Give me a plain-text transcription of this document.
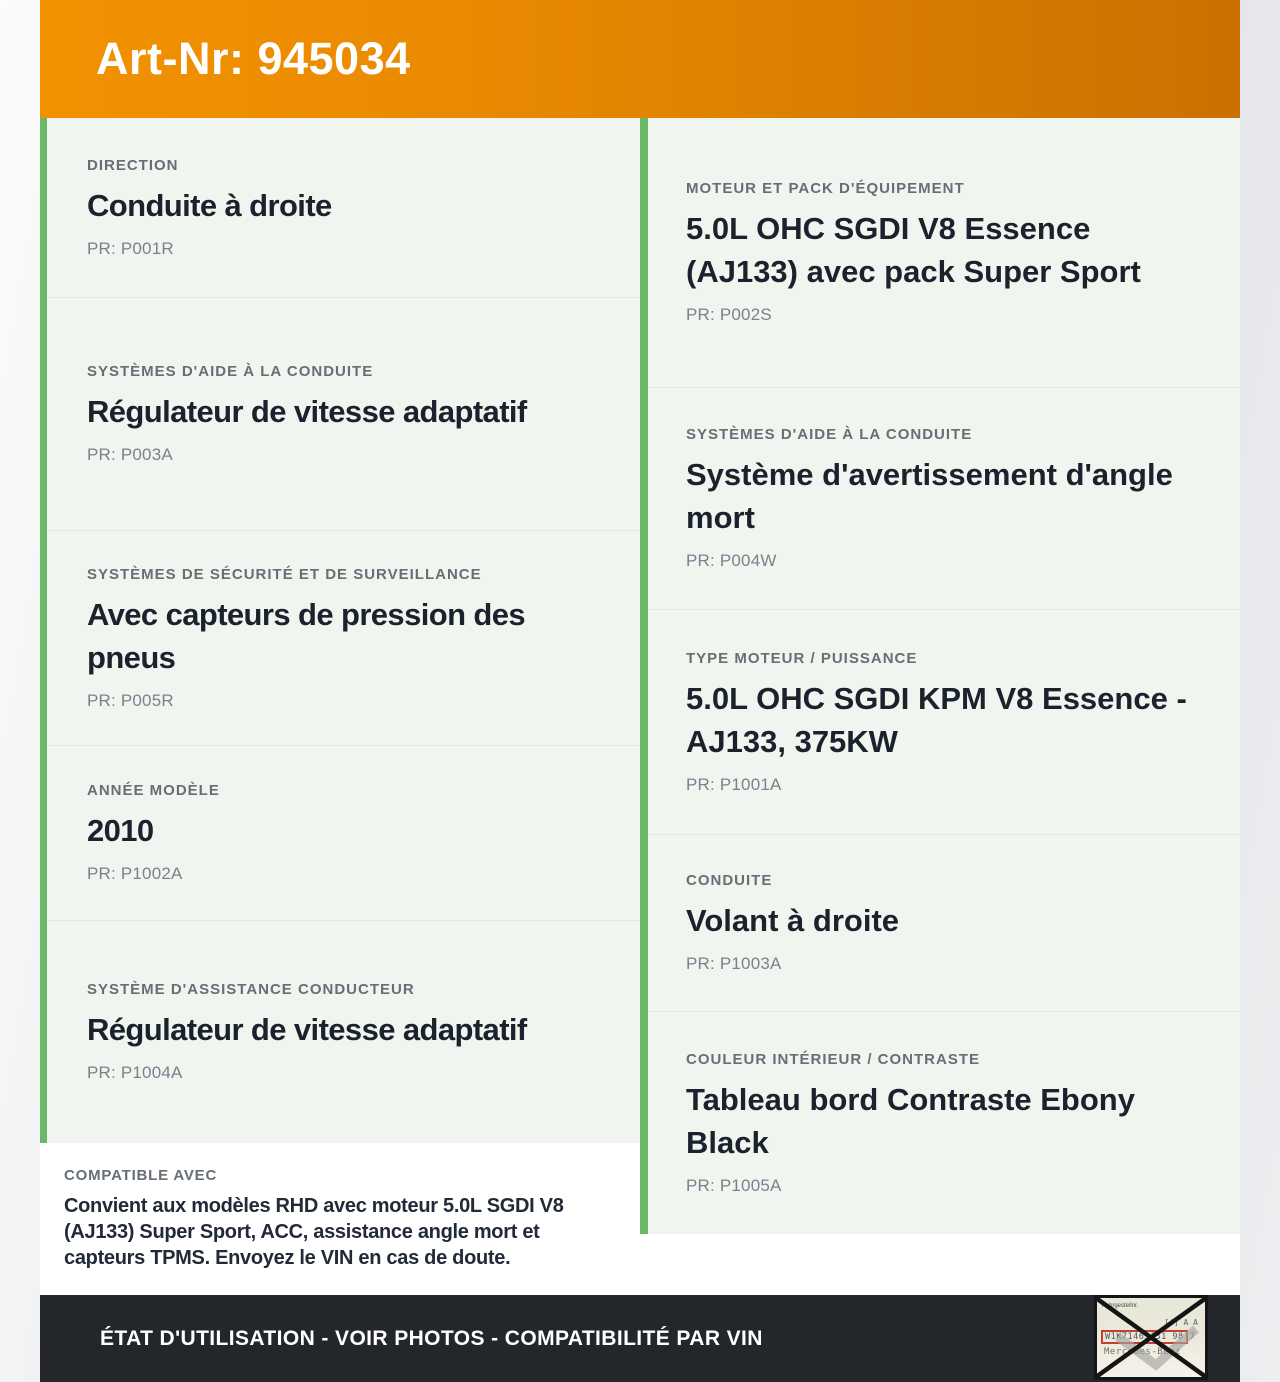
Art-Nr: 945034
DIRECTION
Conduite à droite
PR: P001R
SYSTÈMES D'AIDE À LA CONDUITE
Régulateur de vitesse adaptatif
PR: P003A
SYSTÈMES DE SÉCURITÉ ET DE SURVEILLANCE
Avec capteurs de pression des pneus
PR: P005R
ANNÉE MODÈLE
2010
PR: P1002A
SYSTÈME D'ASSISTANCE CONDUCTEUR
Régulateur de vitesse adaptatif
PR: P1004A
COMPATIBLE AVEC
Convient aux modèles RHD avec moteur 5.0L SGDI V8 (AJ133) Super Sport, ACC, assistance angle mort et capteurs TPMS. Envoyez le VIN en cas de doute.
MOTEUR ET PACK D'ÉQUIPEMENT
5.0L OHC SGDI V8 Essence (AJ133) avec pack Super Sport
PR: P002S
SYSTÈMES D'AIDE À LA CONDUITE
Système d'avertissement d'angle mort
PR: P004W
TYPE MOTEUR / PUISSANCE
5.0L OHC SGDI KPM V8 Essence - AJ133, 375KW
PR: P1001A
CONDUITE
Volant à droite
PR: P1003A
COULEUR INTÉRIEUR / CONTRASTE
Tableau bord Contraste Ebony Black
PR: P1005A
ÉTAT D'UTILISATION - VOIR PHOTOS - COMPATIBILITÉ PAR VIN
Fahrgestellnr.
[4] A A
W1K71463J31 98 7
Mercedes-Benz
